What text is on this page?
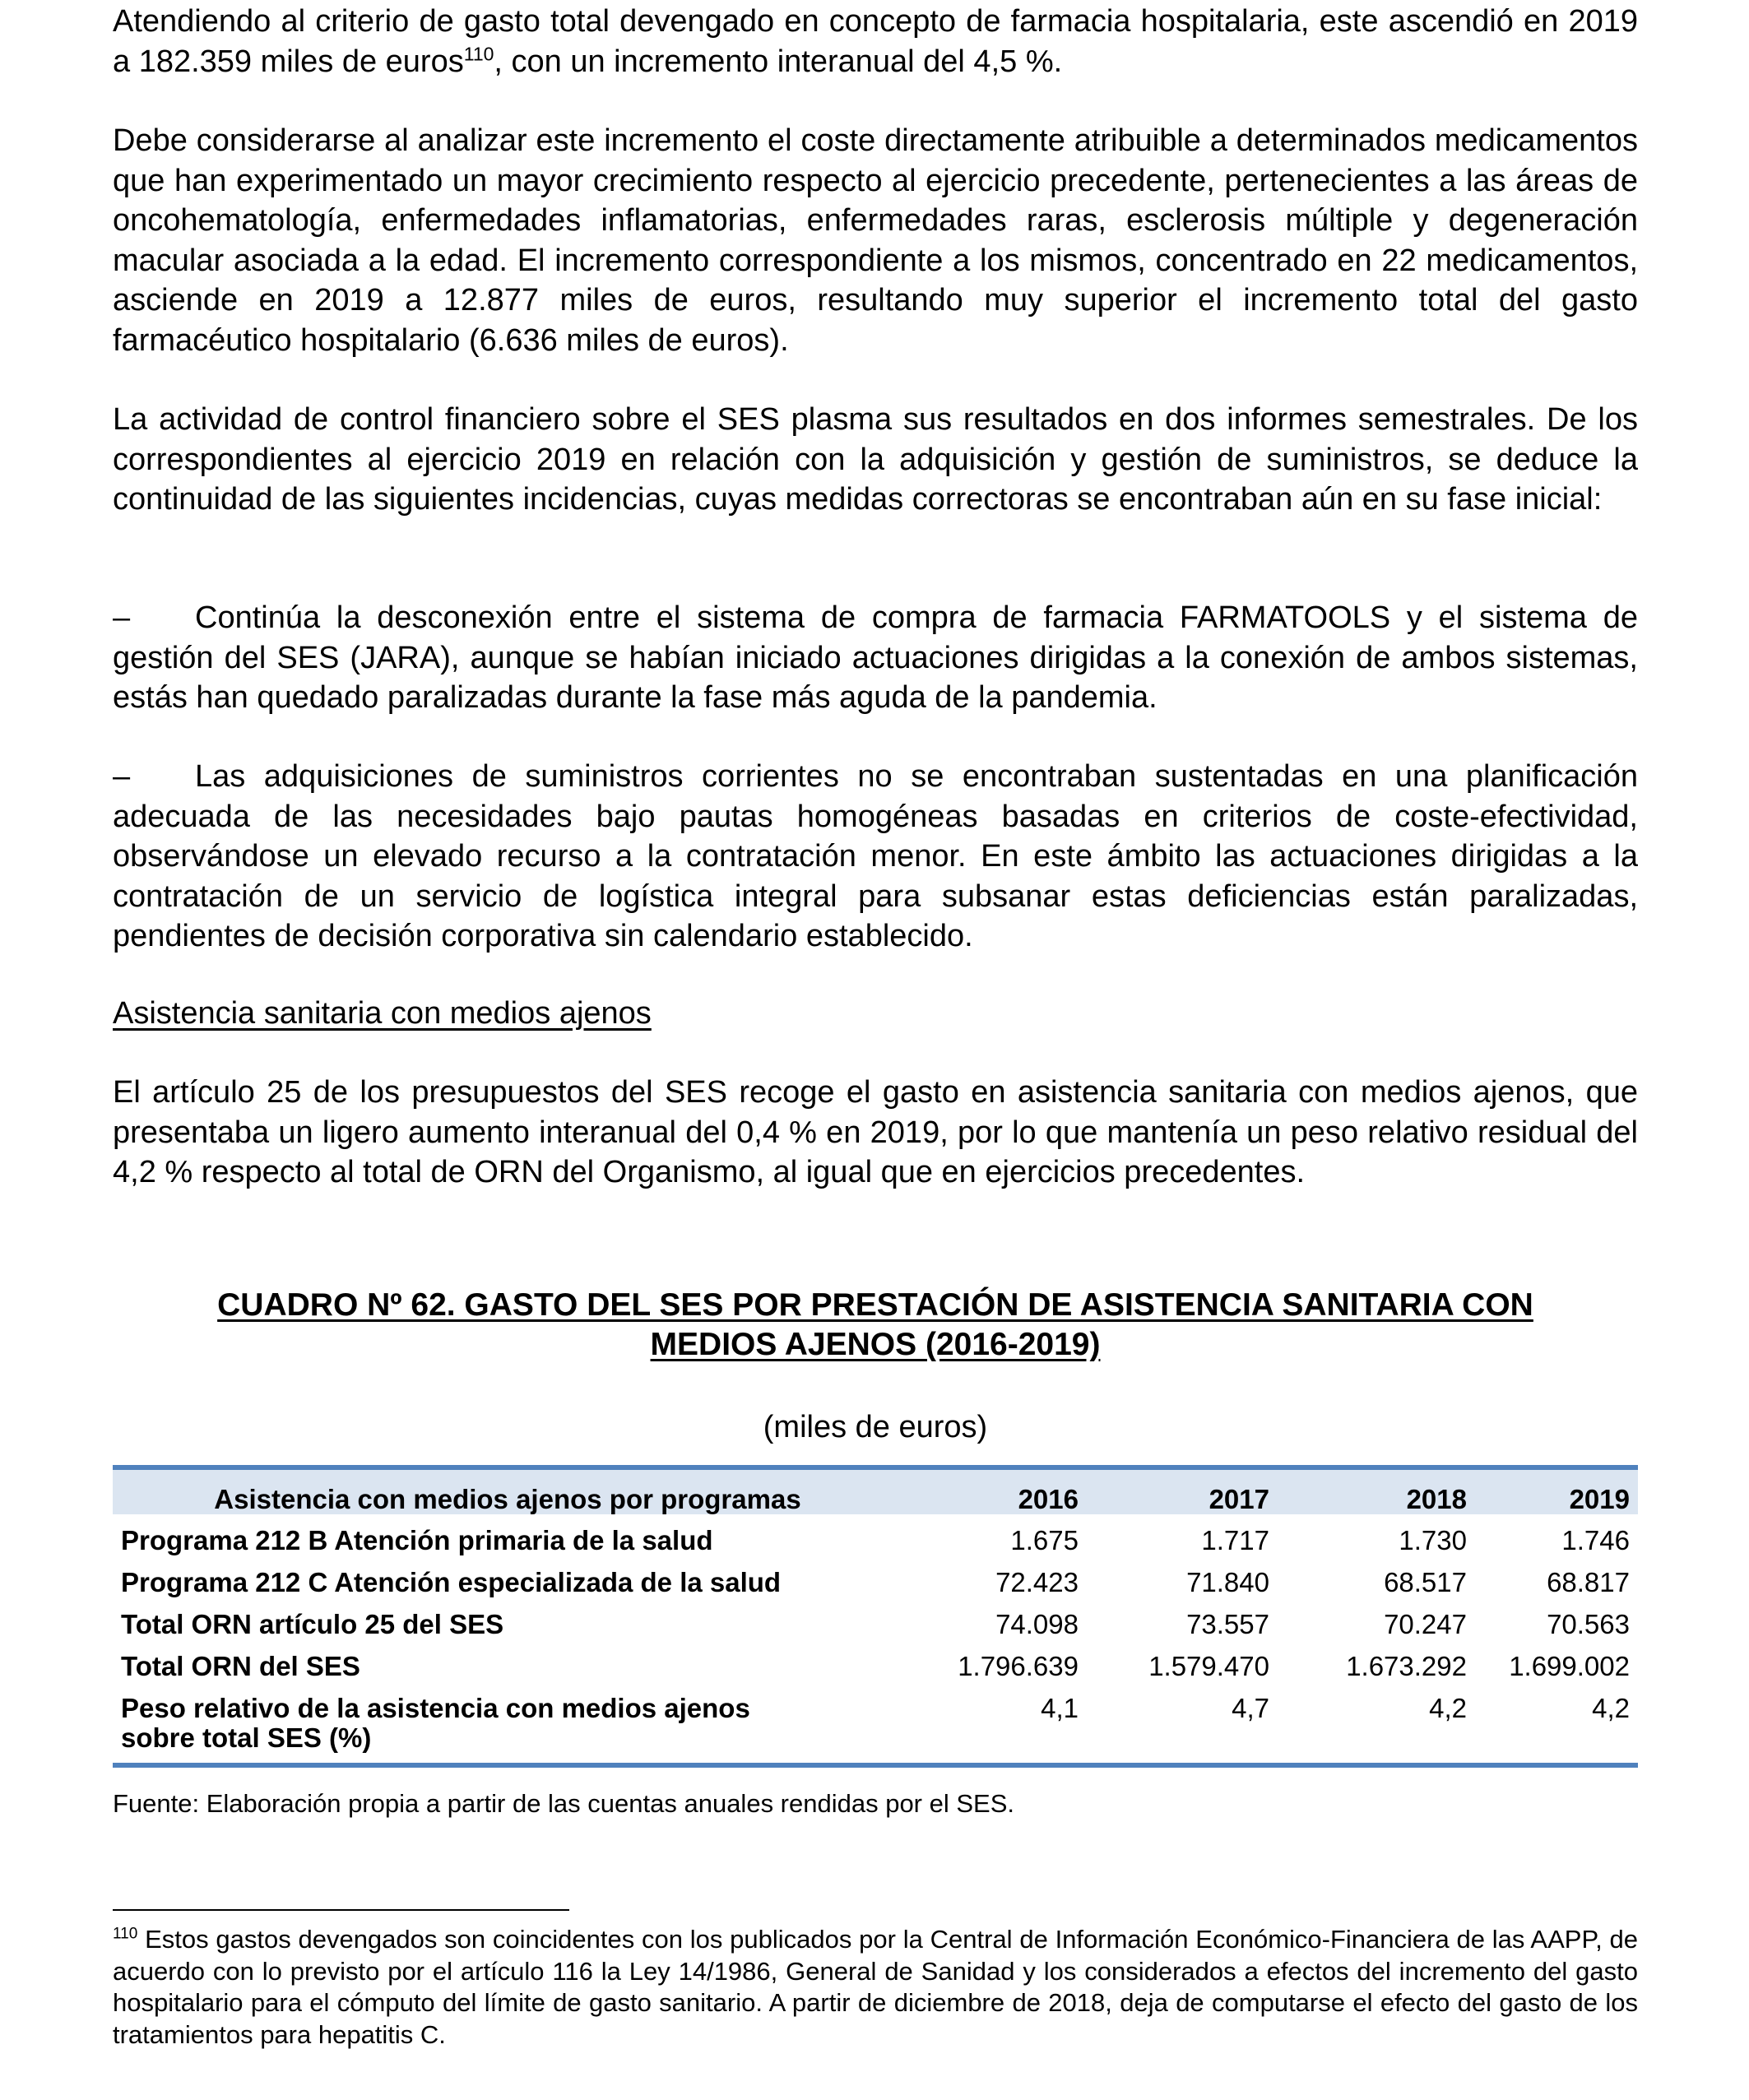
Atendiendo al criterio de gasto total devengado en concepto de farmacia hospitalaria, este ascendió en 2019 a 182.359 miles de euros$^{110}$, con un incremento interanual del 4,5 %.

Debe considerarse al analizar este incremento el coste directamente atribuible a determinados medicamentos que han experimentado un mayor crecimiento respecto al ejercicio precedente, pertenecientes a las áreas de oncohematología, enfermedades inflamatorias, enfermedades raras, esclerosis múltiple y degeneración macular asociada a la edad. El incremento correspondiente a los mismos, concentrado en 22 medicamentos, asciende en 2019 a 12.877 miles de euros, resultando muy superior el incremento total del gasto farmacéutico hospitalario (6.636 miles de euros).

La actividad de control financiero sobre el SES plasma sus resultados en dos informes semestrales. De los correspondientes al ejercicio 2019 en relación con la adquisición y gestión de suministros, se deduce la continuidad de las siguientes incidencias, cuyas medidas correctoras se encontraban aún en su fase inicial:

– Continúa la desconexión entre el sistema de compra de farmacia FARMATOOLS y el sistema de gestión del SES (JARA), aunque se habían iniciado actuaciones dirigidas a la conexión de ambos sistemas, estás han quedado paralizadas durante la fase más aguda de la pandemia.

– Las adquisiciones de suministros corrientes no se encontraban sustentadas en una planificación adecuada de las necesidades bajo pautas homogéneas basadas en criterios de coste-efectividad, observándose un elevado recurso a la contratación menor. En este ámbito las actuaciones dirigidas a la contratación de un servicio de logística integral para subsanar estas deficiencias están paralizadas, pendientes de decisión corporativa sin calendario establecido.

Asistencia sanitaria con medios ajenos

El artículo 25 de los presupuestos del SES recoge el gasto en asistencia sanitaria con medios ajenos, que presentaba un ligero aumento interanual del 0,4 % en 2019, por lo que mantenía un peso relativo residual del 4,2 % respecto al total de ORN del Organismo, al igual que en ejercicios precedentes.

CUADRO Nº 62. GASTO DEL SES POR PRESTACIÓN DE ASISTENCIA SANITARIA CON

MEDIOS AJENOS (2016-2019)

(miles de euros)

Asistencia con medios ajenos por programas	2016	2017	2018	2019
Programa 212 B Atención primaria de la salud	1.675	1.717	1.730	1.746
Programa 212 C Atención especializada de la salud	72.423	71.840	68.517	68.817
Total ORN artículo 25 del SES	74.098	73.557	70.247	70.563
Total ORN del SES	1.796.639	1.579.470	1.673.292	1.699.002
Peso relativo de la asistencia con medios ajenos sobre total SES (%)	4,1	4,7	4,2	4,2

Fuente: Elaboración propia a partir de las cuentas anuales rendidas por el SES.

$^{110}$ Estos gastos devengados son coincidentes con los publicados por la Central de Información Económico-Financiera de las AAPP, de acuerdo con lo previsto por el artículo 116 la Ley 14/1986, General de Sanidad y los considerados a efectos del incremento del gasto hospitalario para el cómputo del límite de gasto sanitario. A partir de diciembre de 2018, deja de computarse el efecto del gasto de los tratamientos para hepatitis C.
